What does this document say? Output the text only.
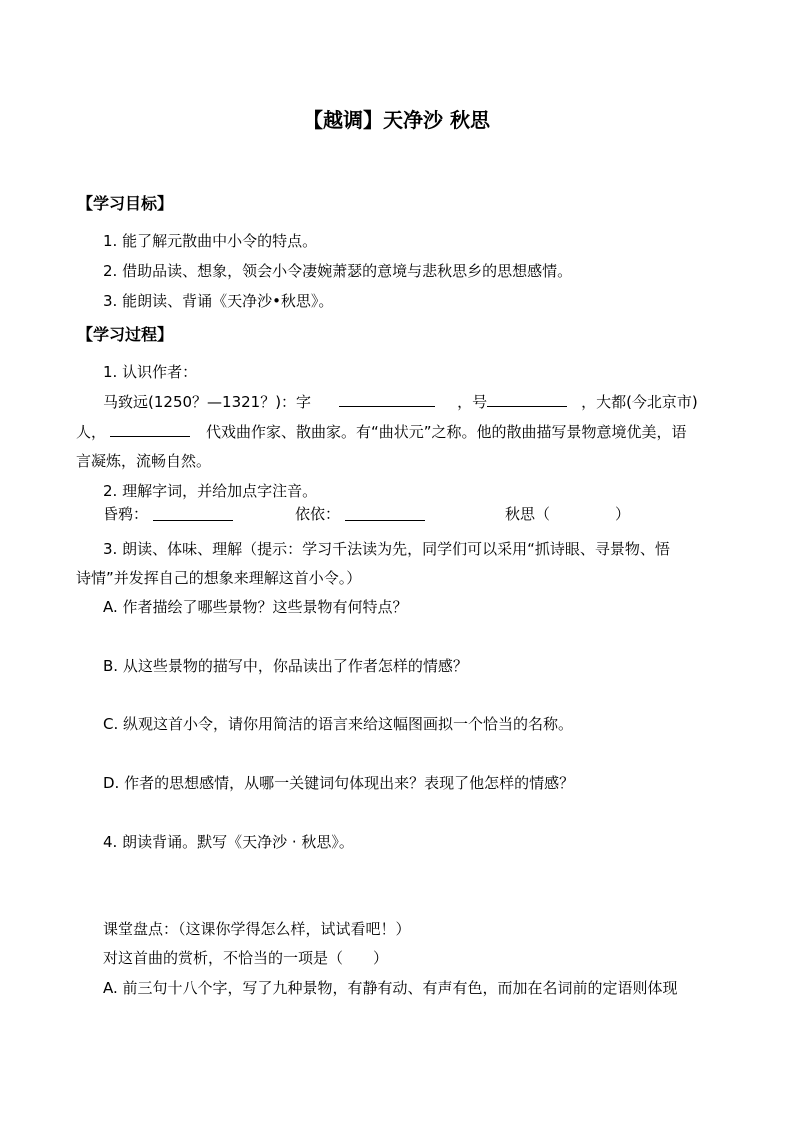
【越调】天净沙 秋思
【学习目标】
1. 能了解元散曲中小令的特点。
2. 借助品读、想象，领会小令凄婉萧瑟的意境与悲秋思乡的思想感情。
3. 能朗读、背诵《天净沙•秋思》。
【学习过程】
1. 认识作者：
马致远(1250？—1321？)：字	，号	，大都(今北京市)
人，	代戏曲作家、散曲家。有“曲状元”之称。他的散曲描写景物意境优美，语
言凝炼，流畅自然。
2. 理解字词，并给加点字注音。
昏鸦：	依依：	秋思（	）
3. 朗读、体味、理解（提示：学习千法读为先，同学们可以采用“抓诗眼、寻景物、悟
诗情”并发挥自己的想象来理解这首小令。）
A. 作者描绘了哪些景物？这些景物有何特点？
B. 从这些景物的描写中，你品读出了作者怎样的情感？
C. 纵观这首小令，请你用简洁的语言来给这幅图画拟一个恰当的名称。
D. 作者的思想感情，从哪一关键词句体现出来？表现了他怎样的情感？
4. 朗读背诵。默写《天净沙 · 秋思》。
课堂盘点：（这课你学得怎么样，试试看吧！）
对这首曲的赏析，不恰当的一项是（　　）
A. 前三句十八个字，写了九种景物，有静有动、有声有色，而加在名词前的定语则体现
